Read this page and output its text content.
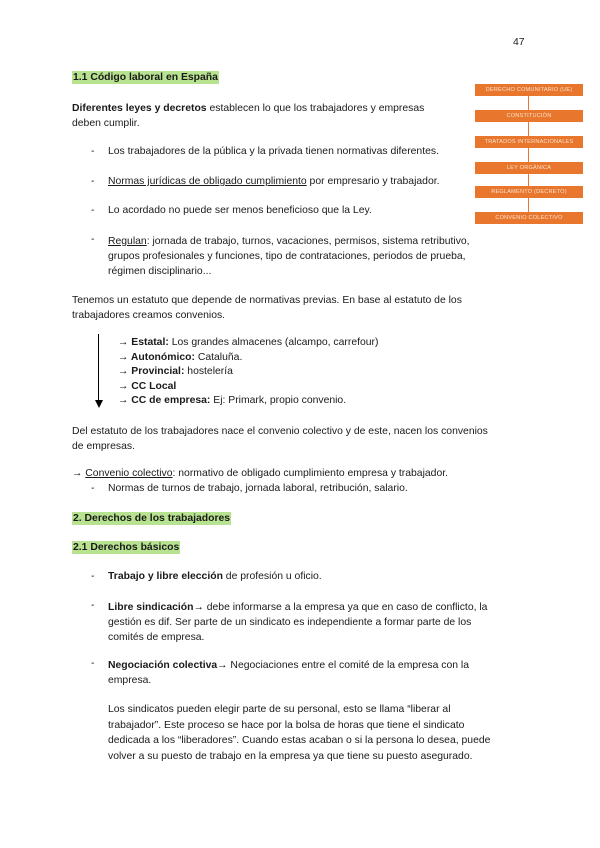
47
1.1 Código laboral en España
Diferentes leyes y decretos establecen lo que los trabajadores y empresas
deben cumplir.
- Los trabajadores de la pública y la privada tienen normativas diferentes.
- Normas jurídicas de obligado cumplimiento por empresario y trabajador.
- Lo acordado no puede ser menos beneficioso que la Ley.
- Regulan: jornada de trabajo, turnos, vacaciones, permisos, sistema retributivo,
grupos profesionales y funciones, tipo de contrataciones, periodos de prueba,
régimen disciplinario...
Tenemos un estatuto que depende de normativas previas. En base al estatuto de los
trabajadores creamos convenios.
→ Estatal: Los grandes almacenes (alcampo, carrefour)
→ Autonómico: Cataluña.
→ Provincial: hostelería
→ CC Local
→ CC de empresa: Ej: Primark, propio convenio.
Del estatuto de los trabajadores nace el convenio colectivo y de este, nacen los convenios
de empresas.
→ Convenio colectivo: normativo de obligado cumplimiento empresa y trabajador.
- Normas de turnos de trabajo, jornada laboral, retribución, salario.
2. Derechos de los trabajadores
2.1 Derechos básicos
- Trabajo y libre elección de profesión u oficio.
- Libre sindicación→ debe informarse a la empresa ya que en caso de conflicto, la
gestión es dif. Ser parte de un sindicato es independiente a formar parte de los
comités de empresa.
- Negociación colectiva→ Negociaciones entre el comité de la empresa con la
empresa.
Los sindicatos pueden elegir parte de su personal, esto se llama “liberar al
trabajador”. Este proceso se hace por la bolsa de horas que tiene el sindicato
dedicada a los “liberadores”. Cuando estas acaban o si la persona lo desea, puede
volver a su puesto de trabajo en la empresa ya que tiene su puesto asegurado.
DERECHO COMUNITARIO (UE)
CONSTITUCIÓN
TRATADOS INTERNACIONALES
LEY ORGÁNICA
REGLAMENTO (DECRETO)
CONVENIO COLECTIVO
